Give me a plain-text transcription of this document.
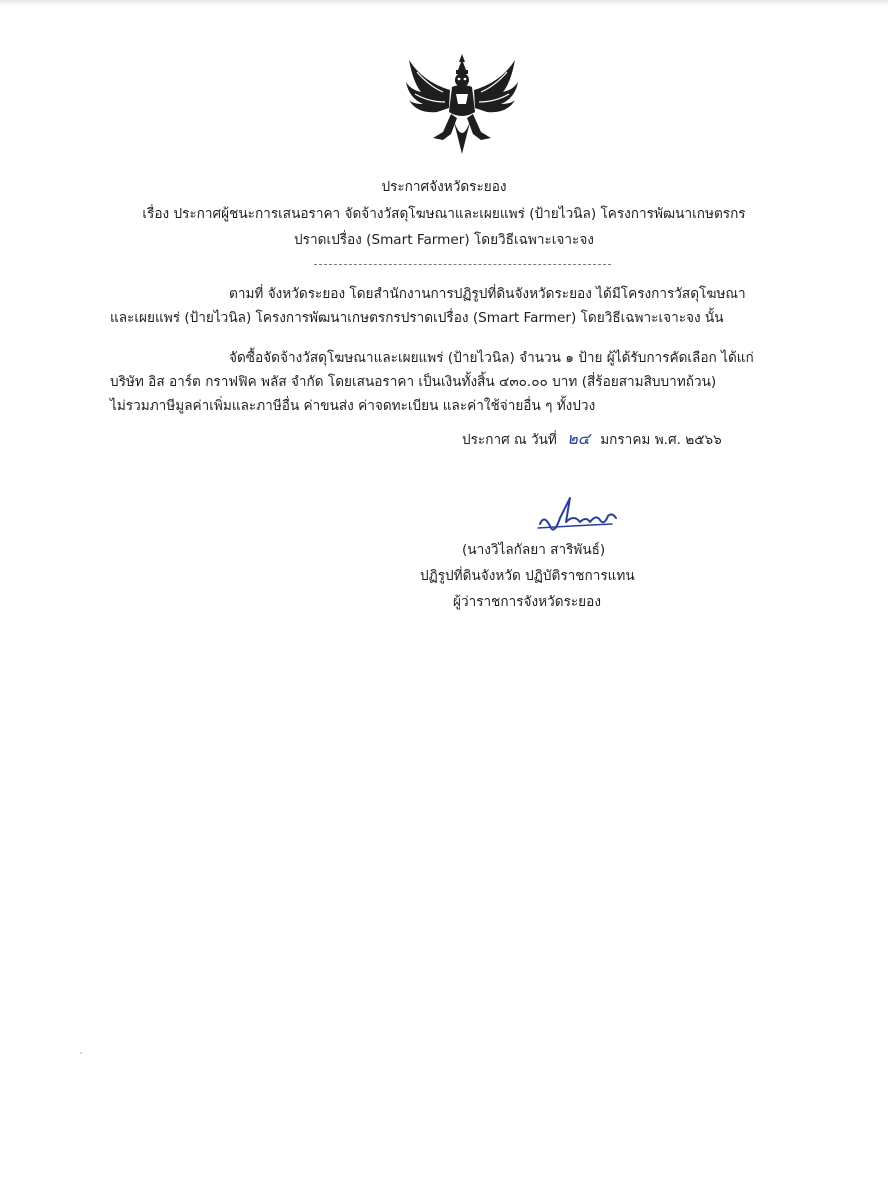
ประกาศจังหวัดระยอง
เรื่อง ประกาศผู้ชนะการเสนอราคา จัดจ้างวัสดุโฆษณาและเผยแพร่ (ป้ายไวนิล) โครงการพัฒนาเกษตรกร
ปราดเปรื่อง (Smart Farmer) โดยวิธีเฉพาะเจาะจง
ตามที่ จังหวัดระยอง โดยสำนักงานการปฏิรูปที่ดินจังหวัดระยอง ได้มีโครงการวัสดุโฆษณา
และเผยแพร่ (ป้ายไวนิล) โครงการพัฒนาเกษตรกรปราดเปรื่อง (Smart Farmer) โดยวิธีเฉพาะเจาะจง นั้น
จัดซื้อจัดจ้างวัสดุโฆษณาและเผยแพร่ (ป้ายไวนิล) จำนวน ๑ ป้าย ผู้ได้รับการคัดเลือก ได้แก่
บริษัท อิส อาร์ต กราฟฟิค พลัส จำกัด โดยเสนอราคา เป็นเงินทั้งสิ้น ๔๓๐.๐๐ บาท (สี่ร้อยสามสิบบาทถ้วน)
ไม่รวมภาษีมูลค่าเพิ่มและภาษีอื่น ค่าขนส่ง ค่าจดทะเบียน และค่าใช้จ่ายอื่น ๆ ทั้งปวง
ประกาศ ณ วันที่ ๒๔ มกราคม พ.ศ. ๒๕๖๖
(นางวิไลกัลยา สาริพันธ์)
ปฏิรูปที่ดินจังหวัด ปฏิบัติราชการแทน
ผู้ว่าราชการจังหวัดระยอง
